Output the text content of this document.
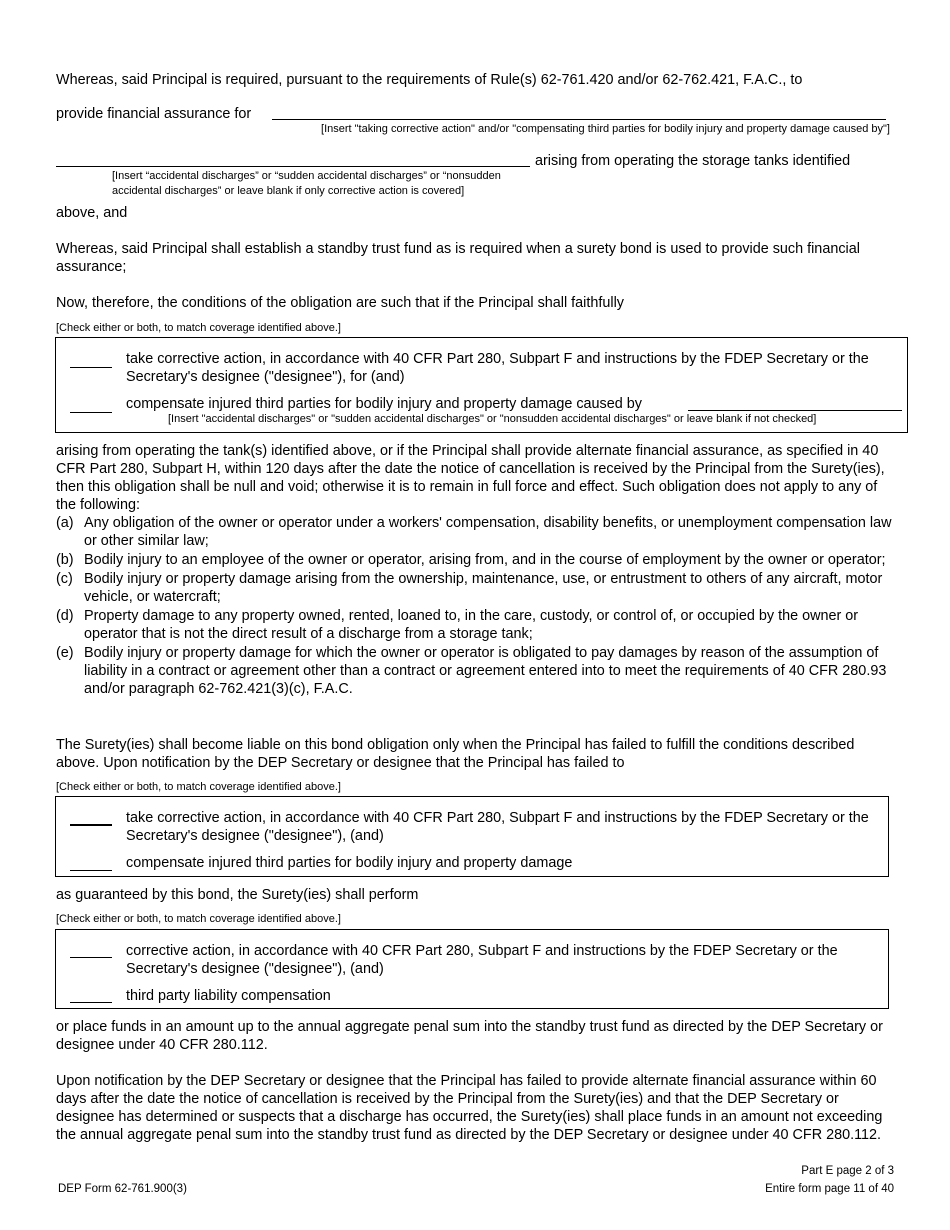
Whereas, said Principal is required, pursuant to the requirements of Rule(s) 62-761.420 and/or 62-762.421, F.A.C., to
provide financial assurance for
[Insert "taking corrective action" and/or "compensating third parties for bodily injury and property damage caused by"]
arising from operating the storage tanks identified
[Insert “accidental discharges” or “sudden accidental discharges” or “nonsudden
accidental discharges” or leave blank if only corrective action is covered]
above, and
Whereas, said Principal shall establish a standby trust fund as is required when a surety bond is used to provide such financial assurance;
Now, therefore, the conditions of the obligation are such that if the Principal shall faithfully
[Check either or both, to match coverage identified above.]
take corrective action, in accordance with 40 CFR Part 280, Subpart F and instructions by the FDEP Secretary or the Secretary's designee ("designee"), for (and)
compensate injured third parties for bodily injury and property damage caused by
[Insert "accidental discharges" or "sudden accidental discharges" or "nonsudden accidental discharges" or leave blank if not checked]
arising from operating the tank(s) identified above, or if the Principal shall provide alternate financial assurance, as specified in 40 CFR Part 280, Subpart H, within 120 days after the date the notice of cancellation is received by the Principal from the Surety(ies), then this obligation shall be null and void; otherwise it is to remain in full force and effect. Such obligation does not apply to any of the following:
(a) Any obligation of the owner or operator under a workers' compensation, disability benefits, or unemployment compensation law or other similar law;
(b) Bodily injury to an employee of the owner or operator, arising from, and in the course of employment by the owner or operator;
(c) Bodily injury or property damage arising from the ownership, maintenance, use, or entrustment to others of any aircraft, motor vehicle, or watercraft;
(d) Property damage to any property owned, rented, loaned to, in the care, custody, or control of, or occupied by the owner or operator that is not the direct result of a discharge from a storage tank;
(e) Bodily injury or property damage for which the owner or operator is obligated to pay damages by reason of the assumption of liability in a contract or agreement other than a contract or agreement entered into to meet the requirements of 40 CFR 280.93 and/or paragraph 62-762.421(3)(c), F.A.C.
The Surety(ies) shall become liable on this bond obligation only when the Principal has failed to fulfill the conditions described above. Upon notification by the DEP Secretary or designee that the Principal has failed to
[Check either or both, to match coverage identified above.]
take corrective action, in accordance with 40 CFR Part 280, Subpart F and instructions by the FDEP Secretary or the Secretary's designee ("designee"), (and)
compensate injured third parties for bodily injury and property damage
as guaranteed by this bond, the Surety(ies) shall perform
[Check either or both, to match coverage identified above.]
corrective action, in accordance with 40 CFR Part 280, Subpart F and instructions by the FDEP Secretary or the Secretary's designee ("designee"), (and)
third party liability compensation
or place funds in an amount up to the annual aggregate penal sum into the standby trust fund as directed by the DEP Secretary or designee under 40 CFR 280.112.
Upon notification by the DEP Secretary or designee that the Principal has failed to provide alternate financial assurance within 60 days after the date the notice of cancellation is received by the Principal from the Surety(ies) and that the DEP Secretary or designee has determined or suspects that a discharge has occurred, the Surety(ies) shall place funds in an amount not exceeding the annual aggregate penal sum into the standby trust fund as directed by the DEP Secretary or designee under 40 CFR 280.112.
DEP Form 62-761.900(3)
Part E page 2 of 3
Entire form page 11 of 40
